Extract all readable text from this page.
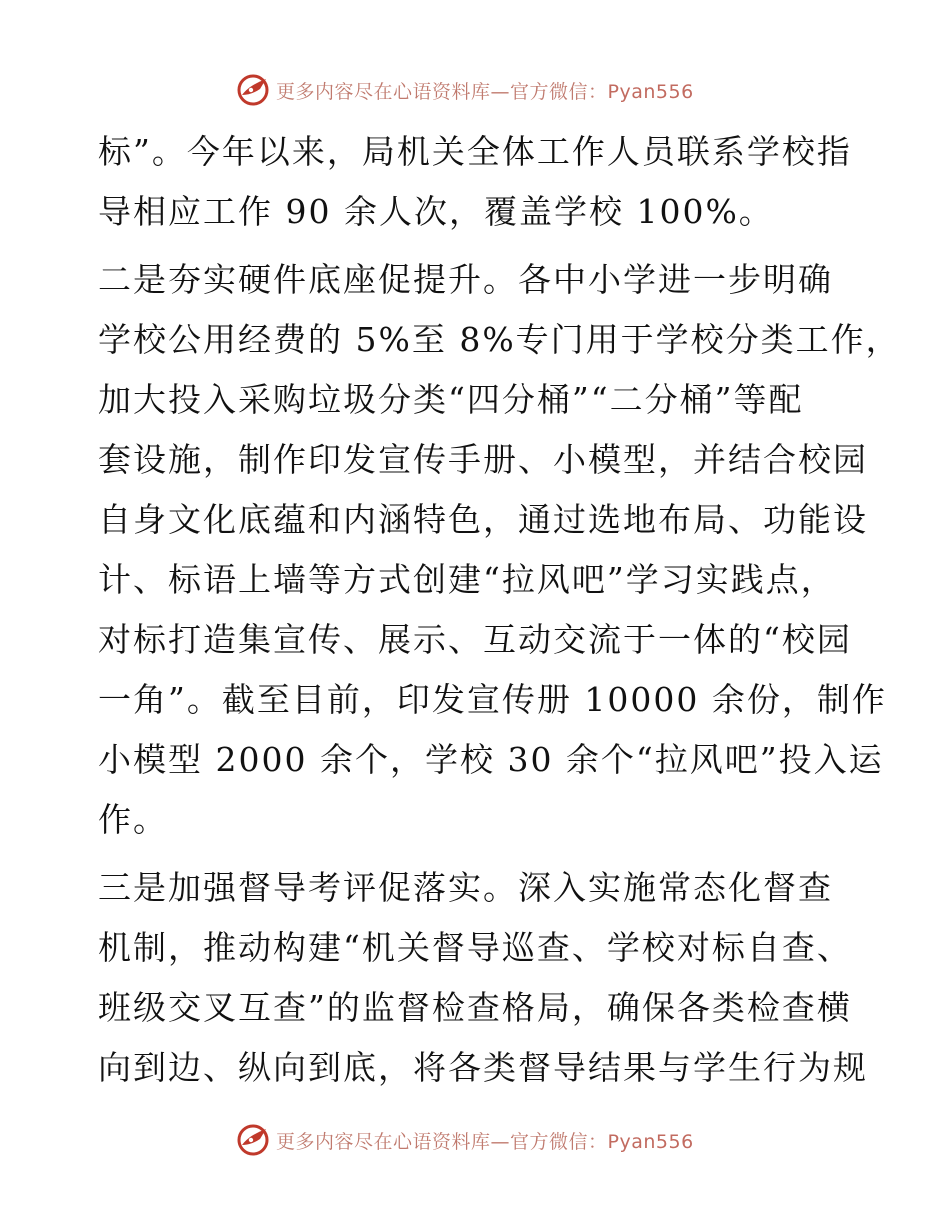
更多内容尽在心语资料库—官方微信：Pyan556
标”。今年以来，局机关全体工作人员联系学校指
导相应工作 90 余人次，覆盖学校 100%。
二是夯实硬件底座促提升。各中小学进一步明确
学校公用经费的 5%至 8%专门用于学校分类工作，
加大投入采购垃圾分类“四分桶”“二分桶”等配
套设施，制作印发宣传手册、小模型，并结合校园
自身文化底蕴和内涵特色，通过选地布局、功能设
计、标语上墙等方式创建“拉风吧”学习实践点，
对标打造集宣传、展示、互动交流于一体的“校园
一角”。截至目前，印发宣传册 10000 余份，制作
小模型 2000 余个，学校 30 余个“拉风吧”投入运
作。
三是加强督导考评促落实。深入实施常态化督查
机制，推动构建“机关督导巡查、学校对标自查、
班级交叉互查”的监督检查格局，确保各类检查横
向到边、纵向到底，将各类督导结果与学生行为规
更多内容尽在心语资料库—官方微信：Pyan556
